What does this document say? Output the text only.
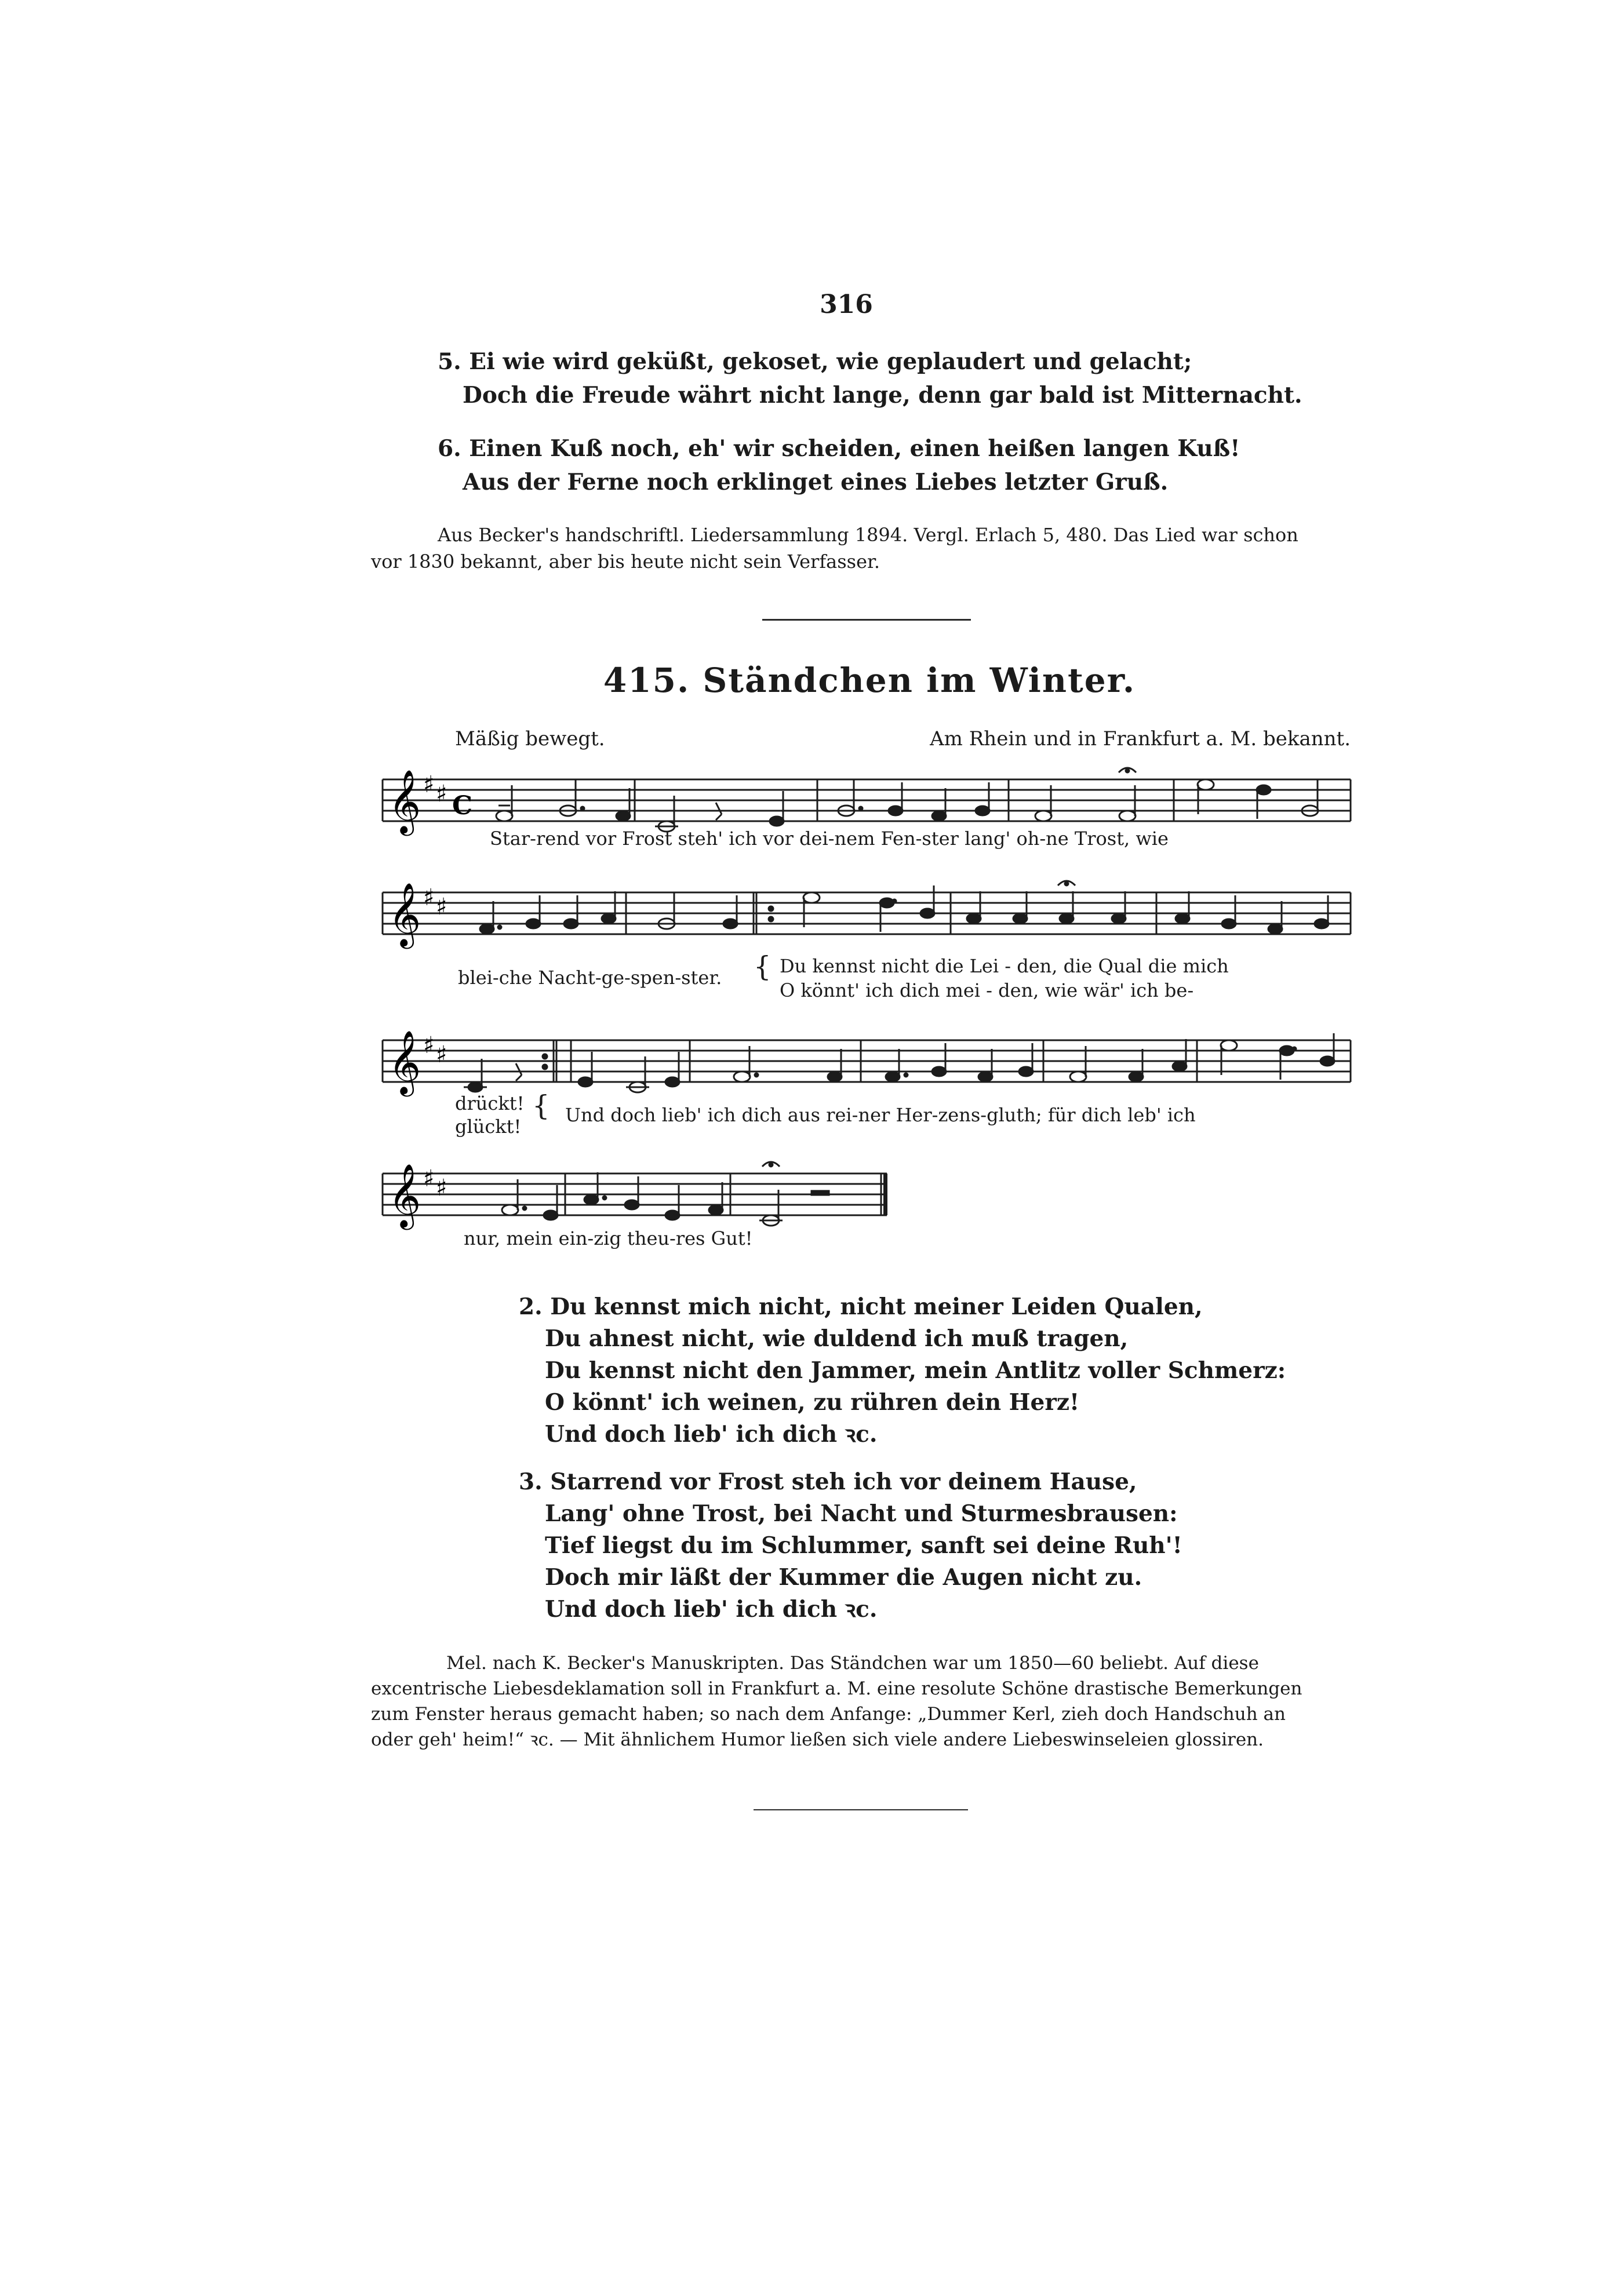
316
5. Ei wie wird geküßt, gekoset, wie geplaudert und gelacht;
Doch die Freude währt nicht lange, denn gar bald ist Mitternacht.
6. Einen Kuß noch, eh' wir scheiden, einen heißen langen Kuß!
Aus der Ferne noch erklinget eines Liebes letzter Gruß.
Aus Becker's handschriftl. Liedersammlung 1894. Vergl. Erlach 5, 480. Das Lied war schon
vor 1830 bekannt, aber bis heute nicht sein Verfasser.
415. Ständchen im Winter.
Mäßig bewegt.	Am Rhein und in Frankfurt a. M. bekannt.
𝄞 ♯ ♯ C
Star-rend vor Frost steh' ich vor dei-nem Fen-ster lang' oh-ne Trost, wie
𝄞 ♯ ♯
blei-che Nacht-ge-spen-ster. { Du kennst nicht die Lei - den, die Qual die mich
O könnt' ich dich mei - den, wie wär' ich be-
𝄞 ♯ ♯
drückt!
glückt!
{ Und doch lieb' ich dich aus rei-ner Her-zens-gluth; für dich leb' ich
𝄞 ♯ ♯
nur, mein ein-zig theu-res Gut!

2. Du kennst mich nicht, nicht meiner Leiden Qualen,

Du ahnest nicht, wie duldend ich muß tragen,

Du kennst nicht den Jammer, mein Antlitz voller Schmerz:

O könnt' ich weinen, zu rühren dein Herz!

Und doch lieb' ich dich ꝛc.

3. Starrend vor Frost steh ich vor deinem Hause,

Lang' ohne Trost, bei Nacht und Sturmesbrausen:

Tief liegst du im Schlummer, sanft sei deine Ruh'!

Doch mir läßt der Kummer die Augen nicht zu.

Und doch lieb' ich dich ꝛc.

Mel. nach K. Becker's Manuskripten. Das Ständchen war um 1850—60 beliebt. Auf diese
excentrische Liebesdeklamation soll in Frankfurt a. M. eine resolute Schöne drastische Bemerkungen
zum Fenster heraus gemacht haben; so nach dem Anfange: „Dummer Kerl, zieh doch Handschuh an
oder geh' heim!“ ꝛc. — Mit ähnlichem Humor ließen sich viele andere Liebeswinseleien glossiren.
